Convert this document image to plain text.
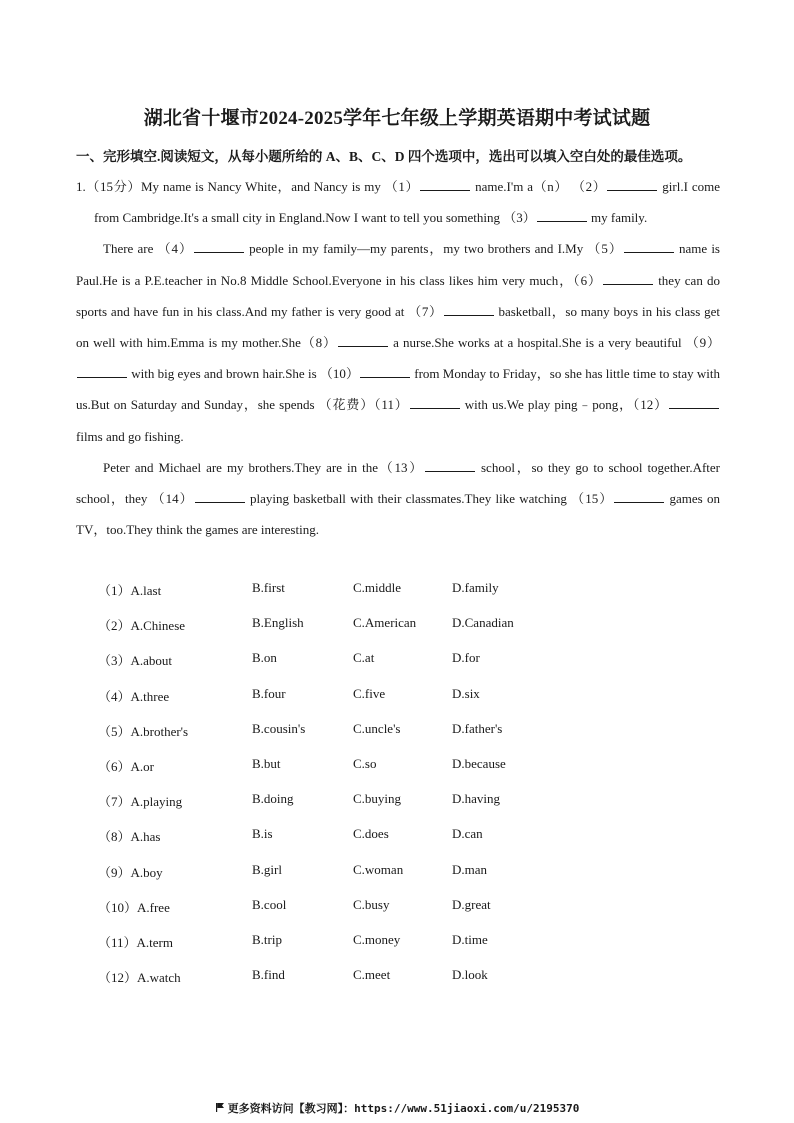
湖北省十堰市2024-2025学年七年级上学期英语期中考试试题
一、完形填空.阅读短文，从每小题所给的 A、B、C、D 四个选项中，选出可以填入空白处的最佳选项。

1.（15分）My name is Nancy White，and Nancy is my （1）	name.I'm a（n） （2）	girl.I come from Cambridge.It's a small city in England.Now I want to tell you something （3）	my family.

There are （4）	people in my family—my parents，my two brothers and I.My （5）	name is Paul.He is a P.E.teacher in No.8 Middle School.Everyone in his class likes him very much，（6）	they can do sports and have fun in his class.And my father is very good at （7）	basketball，so many boys in his class get on well with him.Emma is my mother.She（8）	a nurse.She works at a hospital.She is a very beautiful （9） with big eyes and brown hair.She is （10）	from Monday to Friday，so she has little time to stay with us.But on Saturday and Sunday，she spends （花费）（11）	with us.We play ping﹣pong，（12） films and go fishing.

Peter and Michael are my brothers.They are in the（13）	school，so they go to school together.After school，they （14）	playing basketball with their classmates.They like watching （15）	games on TV，too.They think the games are interesting.

（1）A.last	B.first	C.middle	D.family
（2）A.Chinese	B.English	C.American	D.Canadian
（3）A.about	B.on	C.at	D.for
（4）A.three	B.four	C.five	D.six
（5）A.brother's	B.cousin's	C.uncle's	D.father's
（6）A.or	B.but	C.so	D.because
（7）A.playing	B.doing	C.buying	D.having
（8）A.has	B.is	C.does	D.can
（9）A.boy	B.girl	C.woman	D.man
（10）A.free	B.cool	C.busy	D.great
（11）A.term	B.trip	C.money	D.time
（12）A.watch	B.find	C.meet	D.look
更多资料访问【教习网】：https://www.51jiaoxi.com/u/2195370
